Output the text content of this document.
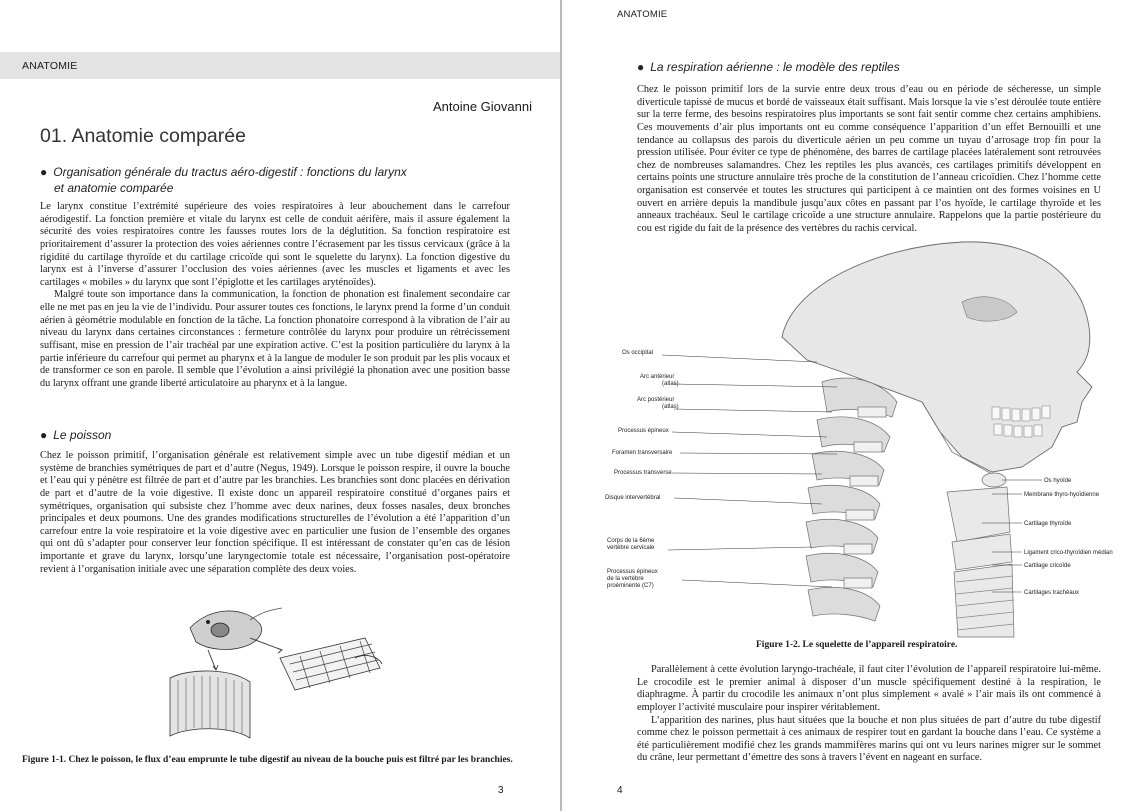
ANATOMIE
Antoine Giovanni
01. Anatomie comparée
● Organisation générale du tractus aéro-digestif : fonctions du larynx
et anatomie comparée

Le larynx constitue l’extrémité supérieure des voies respiratoires à leur abouchement dans le carrefour aérodigestif. La fonction première et vitale du larynx est celle de conduit aérifère, mais il assure également la sécurité des voies respiratoires contre les fausses routes lors de la déglutition. Sa fonction respiratoire est prioritairement d’assurer la protection des voies aériennes contre l’écrasement par les tissus cervicaux (grâce à la rigidité du cartilage thyroïde et du cartilage cricoïde qui sont le squelette du larynx). La fonction digestive du larynx est à l’inverse d’assurer l’occlusion des voies aériennes (avec les muscles et ligaments et avec les cartilages « mobiles » du larynx que sont l’épiglotte et les cartilages aryténoïdes).

Malgré toute son importance dans la communication, la fonction de phonation est finalement secondaire car elle ne met pas en jeu la vie de l’individu. Pour assurer toutes ces fonctions, le larynx prend la forme d’un conduit aérien à géométrie modulable en fonction de la tâche. La fonction phonatoire correspond à la vibration de l’air au niveau du larynx dans certaines circonstances : fermeture contrôlée du larynx pour produire un rétrécissement suffisant, mise en pression de l’air trachéal par une expiration active. C’est la position particulière du larynx à la partie inférieure du carrefour qui permet au pharynx et à la langue de moduler le son produit par les plis vocaux et de transformer ce son en parole. Il semble que l’évolution a ainsi privilégié la phonation avec une position basse du larynx offrant une grande liberté articulatoire au pharynx et à la langue.

● Le poisson

Chez le poisson primitif, l’organisation générale est relativement simple avec un tube digestif médian et un système de branchies symétriques de part et d’autre (Negus, 1949). Lorsque le poisson respire, il ouvre la bouche et l’eau qui y pénètre est filtrée de part et d’autre par les branchies. Les branchies sont donc placées en dérivation de part et d’autre de la voie digestive. Il existe donc un appareil respiratoire constitué d’organes pairs et symétriques, organisation qui subsiste chez l’homme avec deux narines, deux fosses nasales, deux bronches principales et deux poumons. Une des grandes modifications structurelles de l’évolution a été l’apparition d’un carrefour entre la voie respiratoire et la voie digestive avec en particulier une fusion de l’ensemble des organes qui ont dû s’adapter pour conserver leur fonction spécifique. Il est intéressant de constater qu’en cas de lésion importante et grave du larynx, lorsqu’une laryngectomie totale est nécessaire, l’organisation post-opératoire revient à l’organisation initiale avec une séparation complète des deux voies.

Figure 1-1. Chez le poisson, le flux d’eau emprunte le tube digestif au niveau de la bouche puis est filtré par les branchies.
3
ANATOMIE
● La respiration aérienne : le modèle des reptiles

Chez le poisson primitif lors de la survie entre deux trous d’eau ou en période de sécheresse, un simple diverticule tapissé de mucus et bordé de vaisseaux était suffisant. Mais lorsque la vie s’est déroulée toute entière sur la terre ferme, des besoins respiratoires plus importants se sont fait sentir comme chez certains amphibiens. Ces mouvements d’air plus importants ont eu comme conséquence l’apparition d’un effet Bernouilli et une tendance au collapsus des parois du diverticule aérien un peu comme un tuyau d’arrosage trop fin pour la pression utilisée. Pour éviter ce type de phénomène, des barres de cartilage placées latéralement sont retrouvées chez de nombreuses salamandres. Chez les reptiles les plus avancés, ces cartilages primitifs développent en certains points une structure annulaire très proche de la constitution de l’anneau cricoïdien. Chez l’homme cette organisation est conservée et toutes les structures qui participent à ce maintien ont des formes voisines en U ouvert en arrière depuis la mandibule jusqu’aux côtes en passant par l’os hyoïde, le cartilage thyroïde et les anneaux trachéaux. Seul le cartilage cricoïde a une structure annulaire. Rappelons que la partie postérieure du cou est rigide du fait de la présence des vertèbres du rachis cervical.

Os occipital
Arc antérieur
(atlas)
Arc postérieur
(atlas)
Processus épineux
Foramen transversaire
Processus transverse
Disque intervertébral
Corps de la 6ème
vertèbre cervicale
Processus épineux
de la vertèbre
proéminente (C7)
Os hyoïde
Membrane thyro-hyoïdienne
Cartilage thyroïde
Ligament crico-thyroïdien médian
Cartilage cricoïde
Cartilages trachéaux
Figure 1-2. Le squelette de l’appareil respiratoire.

Parallèlement à cette évolution laryngo-trachéale, il faut citer l’évolution de l’appareil respiratoire lui-même. Le crocodile est le premier animal à disposer d’un muscle spécifiquement destiné à la respiration, le diaphragme. À partir du crocodile les animaux n’ont plus simplement « avalé » l’air mais ils ont commencé à employer l’activité musculaire pour inspirer véritablement.

L’apparition des narines, plus haut situées que la bouche et non plus situées de part d’autre du tube digestif comme chez le poisson permettait à ces animaux de respirer tout en gardant la bouche dans l’eau. Ce système a été particulièrement modifié chez les grands mammifères marins qui ont vu leurs narines migrer sur le sommet du crâne, leur permettant d’émettre des sons à travers l’évent en nageant en surface.

4
